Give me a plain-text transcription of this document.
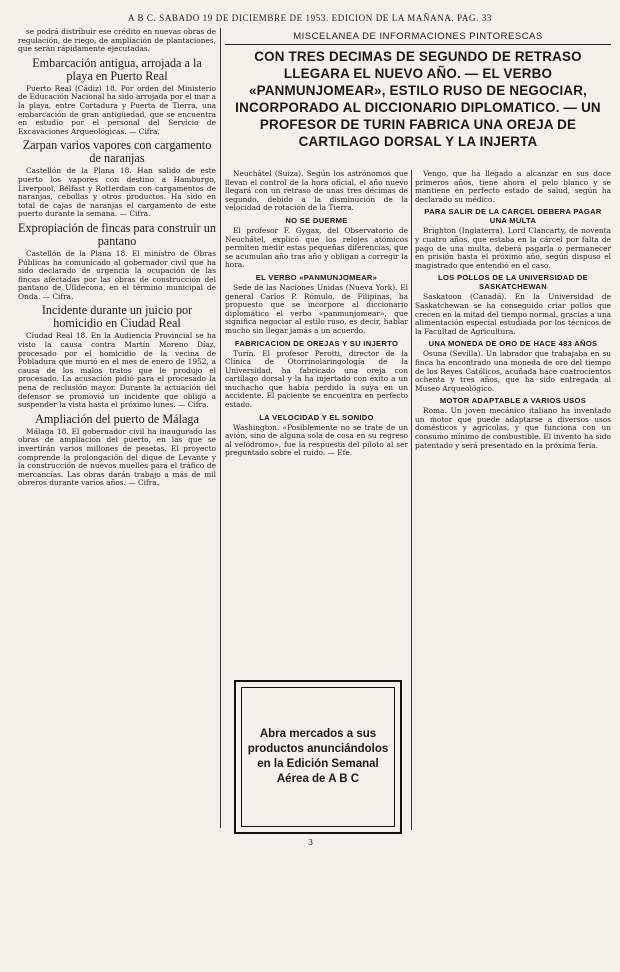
A B C. SABADO 19 DE DICIEMBRE DE 1953. EDICION DE LA MAÑANA. PAG. 33

se podrá distribuir ese crédito en nuevas obras de regulación, de riego, de ampliación de plantaciones, que serán rápidamente ejecutadas.

Embarcación antigua, arrojada a la playa en Puerto Real

Puerto Real (Cádiz) 18. Por orden del Ministerio de Educación Nacional ha sido arrojada por el mar a la playa, entre Cortadura y Puerta de Tierra, una embarcación de gran antigüedad, que se encuentra en estudio por el personal del Servicio de Excavaciones Arqueológicas. — Cifra.

Zarpan varios vapores con cargamento de naranjas

Castellón de la Plana 18. Han salido de este puerto los vapores con destino a Hamburgo, Liverpool, Bélfast y Rotterdam con cargamentos de naranjas, cebollas y otros productos. Ha sido en total de cajas de naranjas el cargamento de este puerto durante la semana. — Cifra.

Expropiación de fincas para construir un pantano

Castellón de la Plana 18. El ministro de Obras Públicas ha comunicado al gobernador civil que ha sido declarado de urgencia la ocupación de las fincas afectadas por las obras de construcción del pantano de Ulldecona, en el término municipal de Onda. — Cifra.

Incidente durante un juicio por homicidio en Ciudad Real

Ciudad Real 18. En la Audiencia Provincial se ha visto la causa contra Martín Moreno Díaz, procesado por el homicidio de la vecina de Pobladura que murió en el mes de enero de 1952, a causa de los malos tratos que le produjo el procesado. La acusación pidió para el procesado la pena de reclusión mayor. Durante la actuación del defensor se promovió un incidente que obligó a suspender la vista hasta el próximo lunes. — Cifra.

Ampliación del puerto de Málaga

Málaga 18. El gobernador civil ha inaugurado las obras de ampliación del puerto, en las que se invertirán varios millones de pesetas. El proyecto comprende la prolongación del dique de Levante y la construcción de nuevos muelles para el tráfico de mercancías. Las obras darán trabajo a más de mil obreros durante varios años. — Cifra.

MISCELANEA DE INFORMACIONES PINTORESCAS
CON TRES DECIMAS DE SEGUNDO DE RETRASO LLEGARA EL NUEVO AÑO. — EL VERBO «PANMUNJOMEAR», ESTILO RUSO DE NEGOCIAR, INCORPORADO AL DICCIONARIO DIPLOMATICO. — UN PROFESOR DE TURIN FABRICA UNA OREJA DE CARTILAGO DORSAL Y LA INJERTA

Neuchâtel (Suiza). Según los astrónomos que llevan el control de la hora oficial, el año nuevo llegará con un retraso de unas tres décimas de segundo, debido a la disminución de la velocidad de rotación de la Tierra.

NO SE DUERME

El profesor F. Gygax, del Observatorio de Neuchâtel, explicó que los relojes atómicos permiten medir estas pequeñas diferencias, que se acumulan año tras año y obligan a corregir la hora.

EL VERBO «PANMUNJOMEAR»

Sede de las Naciones Unidas (Nueva York). El general Carlos P. Rómulo, de Filipinas, ha propuesto que se incorpore al diccionario diplomático el verbo «panmunjomear», que significa negociar al estilo ruso, es decir, hablar mucho sin llegar jamás a un acuerdo.

FABRICACION DE OREJAS Y SU INJERTO

Turín. El profesor Perotti, director de la Clínica de Otorrinolaringología de la Universidad, ha fabricado una oreja con cartílago dorsal y la ha injertado con éxito a un muchacho que había perdido la suya en un accidente. El paciente se encuentra en perfecto estado.

LA VELOCIDAD Y EL SONIDO

Washington. «Posiblemente no se trate de un avión, sino de alguna sola de cosa en su regreso al velódromo», fue la respuesta del piloto al ser preguntado sobre el ruido. — Efe.

Abra mercados a sus productos anunciándolos en la Edición Semanal Aérea de A B C

Vengo, que ha llegado a alcanzar en sus doce primeros años, tiene ahora el pelo blanco y se mantiene en perfecto estado de salud, según ha declarado su médico.

PARA SALIR DE LA CARCEL DEBERA PAGAR UNA MULTA

Brighton (Inglaterra). Lord Clancarty, de noventa y cuatro años, que estaba en la cárcel por falta de pago de una multa, deberá pagarla o permanecer en prisión hasta el próximo año, según dispuso el magistrado que entendió en el caso.

LOS POLLOS DE LA UNIVERSIDAD DE SASKATCHEWAN

Saskatoon (Canadá). En la Universidad de Saskatchewan se ha conseguido criar pollos que crecen en la mitad del tiempo normal, gracias a una alimentación especial estudiada por los técnicos de la Facultad de Agricultura.

UNA MONEDA DE ORO DE HACE 483 AÑOS

Osuna (Sevilla). Un labrador que trabajaba en su finca ha encontrado una moneda de oro del tiempo de los Reyes Católicos, acuñada hace cuatrocientos ochenta y tres años, que ha sido entregada al Museo Arqueológico.

MOTOR ADAPTABLE A VARIOS USOS

Roma. Un joven mecánico italiano ha inventado un motor que puede adaptarse a diversos usos domésticos y agrícolas, y que funciona con un consumo mínimo de combustible. El invento ha sido patentado y será presentado en la próxima feria.

3
